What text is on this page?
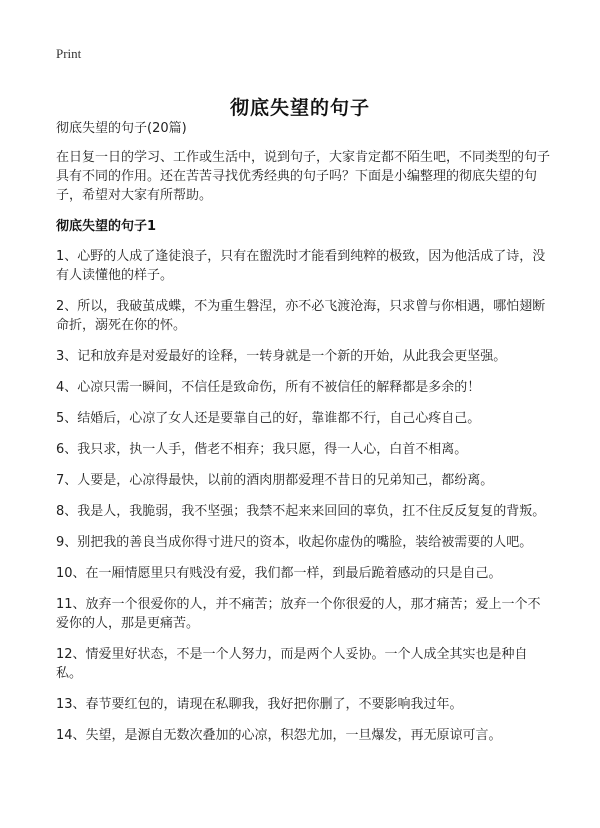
Print
彻底失望的句子

彻底失望的句子(20篇)

在日复一日的学习、工作或生活中，说到句子，大家肯定都不陌生吧，不同类型的句子具有不同的作用。还在苦苦寻找优秀经典的句子吗？下面是小编整理的彻底失望的句子，希望对大家有所帮助。

彻底失望的句子1
1、心野的人成了逢徒浪子，只有在盥洗时才能看到纯粹的极致，因为他活成了诗，没有人读懂他的样子。
2、所以，我破茧成蝶，不为重生磐涅，亦不必飞渡沧海，只求曾与你相遇，哪怕翅断命折，溺死在你的怀。
3、记和放弃是对爱最好的诠释，一转身就是一个新的开始，从此我会更坚强。
4、心凉只需一瞬间，不信任是致命伤，所有不被信任的解释都是多余的！
5、结婚后，心凉了女人还是要靠自己的好，靠谁都不行，自己心疼自己。
6、我只求，执一人手，偕老不相弃；我只愿，得一人心，白首不相离。
7、人要是，心凉得最快，以前的酒肉朋都爱理不昔日的兄弟知己，都纷离。
8、我是人，我脆弱，我不坚强；我禁不起来来回回的辜负，扛不住反反复复的背叛。
9、别把我的善良当成你得寸进尺的资本，收起你虚伪的嘴脸，装给被需要的人吧。
10、在一厢情愿里只有贱没有爱，我们都一样，到最后跪着感动的只是自己。
11、放弃一个很爱你的人，并不痛苦；放弃一个你很爱的人，那才痛苦；爱上一个不爱你的人，那是更痛苦。
12、情爱里好状态，不是一个人努力，而是两个人妥协。一个人成全其实也是种自私。
13、春节要红包的，请现在私聊我，我好把你删了，不要影响我过年。
14、失望，是源自无数次叠加的心凉，积怨尤加，一旦爆发，再无原谅可言。
